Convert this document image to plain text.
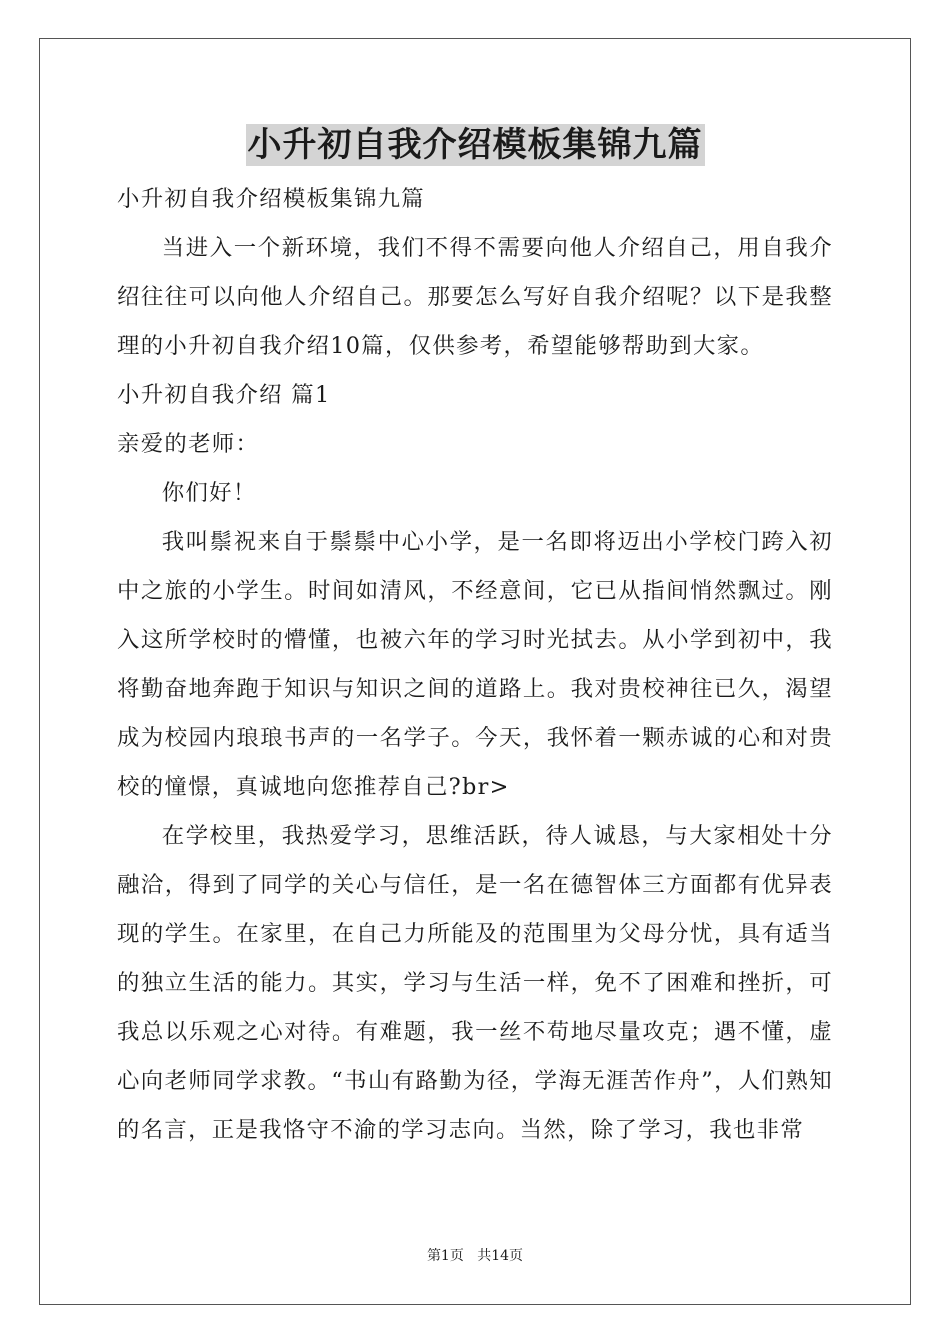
小升初自我介绍模板集锦九篇

小升初自我介绍模板集锦九篇

当进入一个新环境，我们不得不需要向他人介绍自己，用自我介绍往往可以向他人介绍自己。那要怎么写好自我介绍呢？以下是我整理的小升初自我介绍10篇，仅供参考，希望能够帮助到大家。

小升初自我介绍 篇1

亲爱的老师：

你们好！

我叫鬃祝来自于鬃鬃中心小学，是一名即将迈出小学校门跨入初中之旅的小学生。时间如清风，不经意间，它已从指间悄然飘过。刚入这所学校时的懵懂，也被六年的学习时光拭去。从小学到初中，我将勤奋地奔跑于知识与知识之间的道路上。我对贵校神往已久，渴望成为校园内琅琅书声的一名学子。今天，我怀着一颗赤诚的心和对贵校的憧憬，真诚地向您推荐自己?br>

在学校里，我热爱学习，思维活跃，待人诚恳，与大家相处十分融洽，得到了同学的关心与信任，是一名在德智体三方面都有优异表现的学生。在家里，在自己力所能及的范围里为父母分忧，具有适当的独立生活的能力。其实，学习与生活一样，免不了困难和挫折，可我总以乐观之心对待。有难题，我一丝不苟地尽量攻克；遇不懂，虚心向老师同学求教。“书山有路勤为径，学海无涯苦作舟”，人们熟知的名言，正是我恪守不渝的学习志向。当然，除了学习，我也非常

第1页 共14页
